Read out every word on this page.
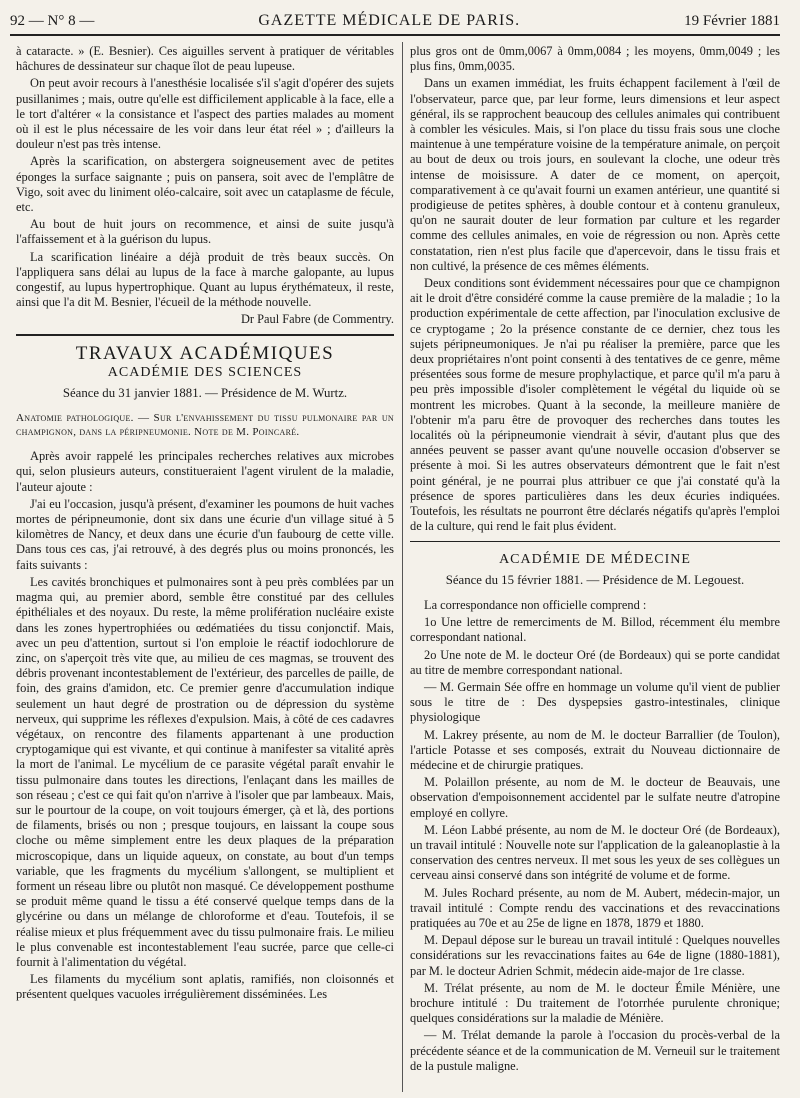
92 — N° 8 —	GAZETTE MÉDICALE DE PARIS.	19 Février 1881

à cataracte. » (E. Besnier). Ces aiguilles servent à pratiquer de véritables hâchures de dessinateur sur chaque îlot de peau lupeuse.

On peut avoir recours à l'anesthésie localisée s'il s'agit d'opérer des sujets pusillanimes ; mais, outre qu'elle est difficilement applicable à la face, elle a le tort d'altérer « la consistance et l'aspect des parties malades au moment où il est le plus nécessaire de les voir dans leur état réel » ; d'ailleurs la douleur n'est pas très intense.

Après la scarification, on abstergera soigneusement avec de petites éponges la surface saignante ; puis on pansera, soit avec de l'emplâtre de Vigo, soit avec du liniment oléo-calcaire, soit avec un cataplasme de fécule, etc.

Au bout de huit jours on recommence, et ainsi de suite jusqu'à l'affaissement et à la guérison du lupus.

La scarification linéaire a déjà produit de très beaux succès. On l'appliquera sans délai au lupus de la face à marche galopante, au lupus congestif, au lupus hypertrophique. Quant au lupus érythémateux, il reste, ainsi que l'a dit M. Besnier, l'écueil de la méthode nouvelle.

Dr Paul Fabre (de Commentry.
TRAVAUX ACADÉMIQUES
ACADÉMIE DES SCIENCES
Séance du 31 janvier 1881. — Présidence de M. Wurtz.
Anatomie pathologique. — Sur l'envahissement du tissu pulmonaire par un champignon, dans la péripneumonie. Note de M. Poincaré.

Après avoir rappelé les principales recherches relatives aux microbes qui, selon plusieurs auteurs, constitueraient l'agent virulent de la maladie, l'auteur ajoute :

J'ai eu l'occasion, jusqu'à présent, d'examiner les poumons de huit vaches mortes de péripneumonie, dont six dans une écurie d'un village situé à 5 kilomètres de Nancy, et deux dans une écurie d'un faubourg de cette ville. Dans tous ces cas, j'ai retrouvé, à des degrés plus ou moins prononcés, les faits suivants :

Les cavités bronchiques et pulmonaires sont à peu près comblées par un magma qui, au premier abord, semble être constitué par des cellules épithéliales et des noyaux. Du reste, la même prolifération nucléaire existe dans les zones hypertrophiées ou œdématiées du tissu conjonctif. Mais, avec un peu d'attention, surtout si l'on emploie le réactif iodochlorure de zinc, on s'aperçoit très vite que, au milieu de ces magmas, se trouvent des débris provenant incontestablement de l'extérieur, des parcelles de paille, de foin, des grains d'amidon, etc. Ce premier genre d'accumulation indique seulement un haut degré de prostration ou de dépression du système nerveux, qui supprime les réflexes d'expulsion. Mais, à côté de ces cadavres végétaux, on rencontre des filaments appartenant à une production cryptogamique qui est vivante, et qui continue à manifester sa vitalité après la mort de l'animal. Le mycélium de ce parasite végétal paraît envahir le tissu pulmonaire dans toutes les directions, l'enlaçant dans les mailles de son réseau ; c'est ce qui fait qu'on n'arrive à l'isoler que par lambeaux. Mais, sur le pourtour de la coupe, on voit toujours émerger, çà et là, des portions de filaments, brisés ou non ; presque toujours, en laissant la coupe sous cloche ou même simplement entre les deux plaques de la préparation microscopique, dans un liquide aqueux, on constate, au bout d'un temps variable, que les fragments du mycélium s'allongent, se multiplient et forment un réseau libre ou plutôt non masqué. Ce développement posthume se produit même quand le tissu a été conservé quelque temps dans de la glycérine ou dans un mélange de chloroforme et d'eau. Toutefois, il se réalise mieux et plus fréquemment avec du tissu pulmonaire frais. Le milieu le plus convenable est incontestablement l'eau sucrée, parce que celle-ci fournit à l'alimentation du végétal.

Les filaments du mycélium sont aplatis, ramifiés, non cloisonnés et présentent quelques vacuoles irrégulièrement disséminées. Les

plus gros ont de 0mm,0067 à 0mm,0084 ; les moyens, 0mm,0049 ; les plus fins, 0mm,0035.

Dans un examen immédiat, les fruits échappent facilement à l'œil de l'observateur, parce que, par leur forme, leurs dimensions et leur aspect général, ils se rapprochent beaucoup des cellules animales qui contribuent à combler les vésicules. Mais, si l'on place du tissu frais sous une cloche maintenue à une température voisine de la température animale, on perçoit au bout de deux ou trois jours, en soulevant la cloche, une odeur très intense de moisissure. A dater de ce moment, on aperçoit, comparativement à ce qu'avait fourni un examen antérieur, une quantité si prodigieuse de petites sphères, à double contour et à contenu granuleux, qu'on ne saurait douter de leur formation par culture et les regarder comme des cellules animales, en voie de régression ou non. Après cette constatation, rien n'est plus facile que d'apercevoir, dans le tissu frais et non cultivé, la présence de ces mêmes éléments.

Deux conditions sont évidemment nécessaires pour que ce champignon ait le droit d'être considéré comme la cause première de la maladie ; 1o la production expérimentale de cette affection, par l'inoculation exclusive de ce cryptogame ; 2o la présence constante de ce dernier, chez tous les sujets péripneumoniques. Je n'ai pu réaliser la première, parce que les deux propriétaires n'ont point consenti à des tentatives de ce genre, même présentées sous forme de mesure prophylactique, et parce qu'il m'a paru à peu près impossible d'isoler complètement le végétal du liquide où se montrent les microbes. Quant à la seconde, la meilleure manière de l'obtenir m'a paru être de provoquer des recherches dans toutes les localités où la péripneumonie viendrait à sévir, d'autant plus que des années peuvent se passer avant qu'une nouvelle occasion d'observer se présente à moi. Si les autres observateurs démontrent que le fait n'est point général, je ne pourrai plus attribuer ce que j'ai constaté qu'à la présence de spores particulières dans les deux écuries indiquées. Toutefois, les résultats ne pourront être déclarés négatifs qu'après l'emploi de la culture, qui rend le fait plus évident.

ACADÉMIE DE MÉDECINE
Séance du 15 février 1881. — Présidence de M. Legouest.

La correspondance non officielle comprend :

1o Une lettre de remerciments de M. Billod, récemment élu membre correspondant national.

2o Une note de M. le docteur Oré (de Bordeaux) qui se porte candidat au titre de membre correspondant national.

— M. Germain Sée offre en hommage un volume qu'il vient de publier sous le titre de : Des dyspepsies gastro-intestinales, clinique physiologique

M. Lakrey présente, au nom de M. le docteur Barrallier (de Toulon), l'article Potasse et ses composés, extrait du Nouveau dictionnaire de médecine et de chirurgie pratiques.

M. Polaillon présente, au nom de M. le docteur de Beauvais, une observation d'empoisonnement accidentel par le sulfate neutre d'atropine employé en collyre.

M. Léon Labbé présente, au nom de M. le docteur Oré (de Bordeaux), un travail intitulé : Nouvelle note sur l'application de la galeanoplastie à la conservation des centres nerveux. Il met sous les yeux de ses collègues un cerveau ainsi conservé dans son intégrité de volume et de forme.

M. Jules Rochard présente, au nom de M. Aubert, médecin-major, un travail intitulé : Compte rendu des vaccinations et des revaccinations pratiquées au 70e et au 25e de ligne en 1878, 1879 et 1880.

M. Depaul dépose sur le bureau un travail intitulé : Quelques nouvelles considérations sur les revaccinations faites au 64e de ligne (1880-1881), par M. le docteur Adrien Schmit, médecin aide-major de 1re classe.

M. Trélat présente, au nom de M. le docteur Émile Ménière, une brochure intitulé : Du traitement de l'otorrhée purulente chronique; quelques considérations sur la maladie de Ménière.

— M. Trélat demande la parole à l'occasion du procès-verbal de la précédente séance et de la communication de M. Verneuil sur le traitement de la pustule maligne.
